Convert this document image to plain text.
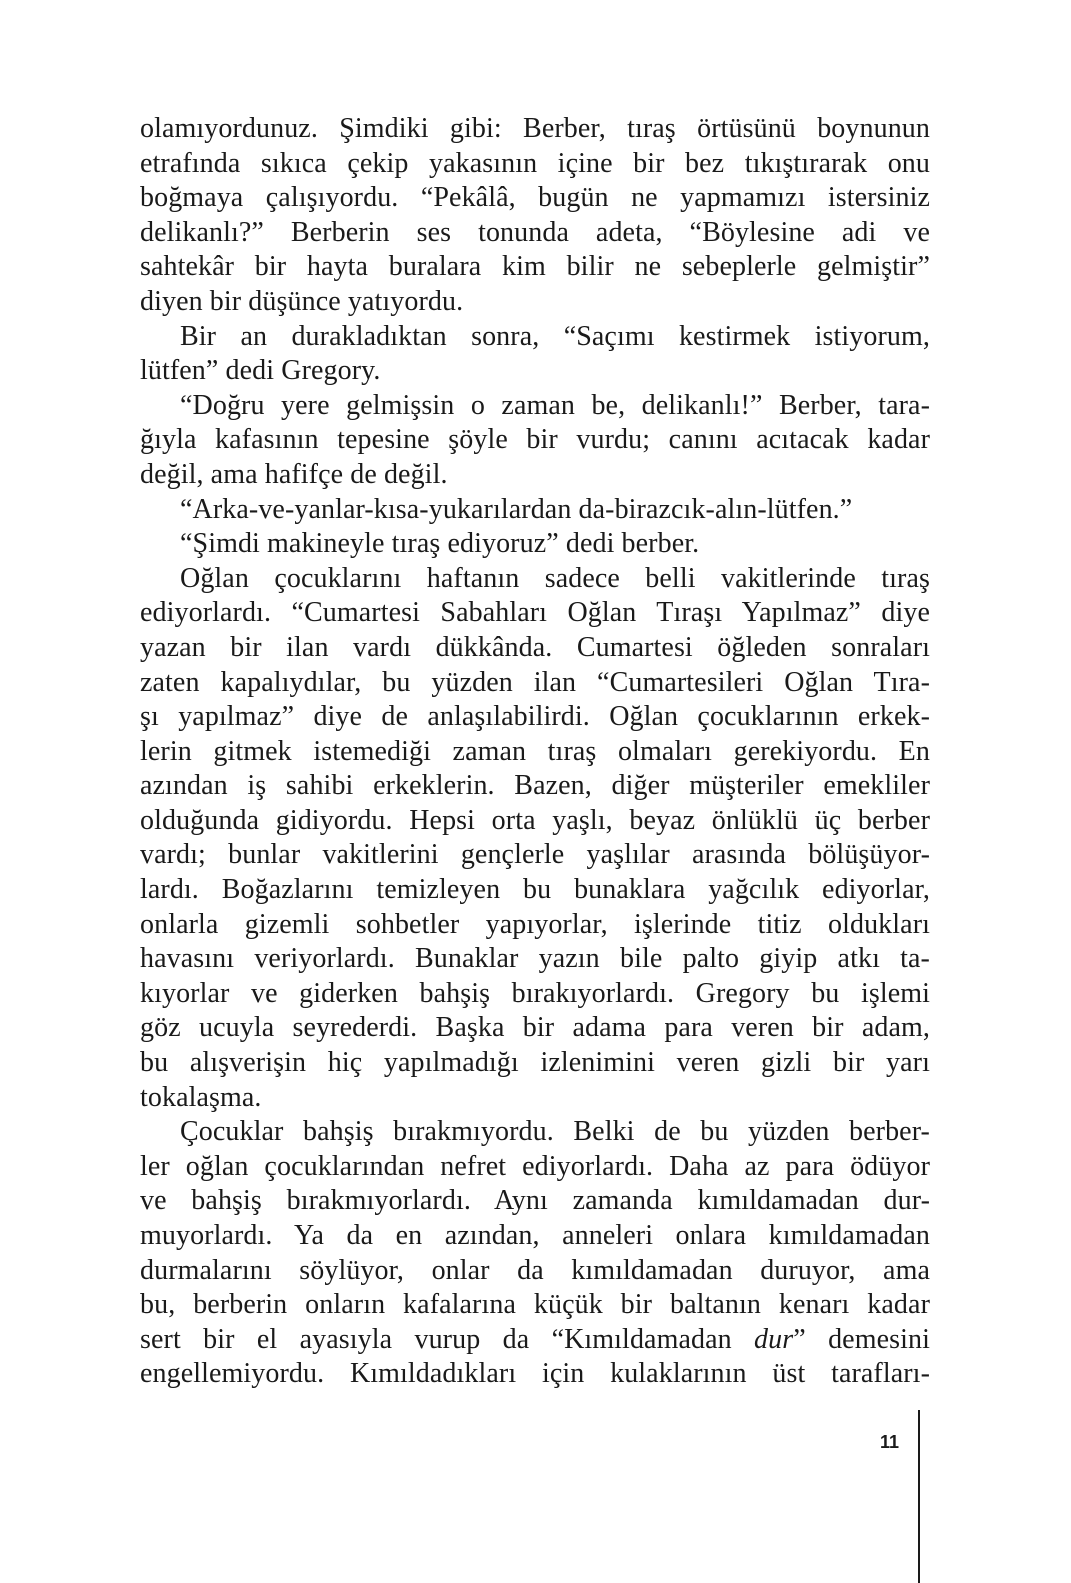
olamıyordunuz. Şimdiki gibi: Berber, tıraş örtüsünü boynunun
etrafında sıkıca çekip yakasının içine bir bez tıkıştırarak onu
boğmaya çalışıyordu. “Pekâlâ, bugün ne yapmamızı istersiniz
delikanlı?” Berberin ses tonunda adeta, “Böylesine adi ve
sahtekâr bir hayta buralara kim bilir ne sebeplerle gelmiştir”
diyen bir düşünce yatıyordu.
Bir an durakladıktan sonra, “Saçımı kestirmek istiyorum,
lütfen” dedi Gregory.
“Doğru yere gelmişsin o zaman be, delikanlı!” Berber, tara-
ğıyla kafasının tepesine şöyle bir vurdu; canını acıtacak kadar
değil, ama hafifçe de değil.
“Arka-ve-yanlar-kısa-yukarılardan da-birazcık-alın-lütfen.”
“Şimdi makineyle tıraş ediyoruz” dedi berber.
Oğlan çocuklarını haftanın sadece belli vakitlerinde tıraş
ediyorlardı. “Cumartesi Sabahları Oğlan Tıraşı Yapılmaz” diye
yazan bir ilan vardı dükkânda. Cumartesi öğleden sonraları
zaten kapalıydılar, bu yüzden ilan “Cumartesileri Oğlan Tıra-
şı yapılmaz” diye de anlaşılabilirdi. Oğlan çocuklarının erkek-
lerin gitmek istemediği zaman tıraş olmaları gerekiyordu. En
azından iş sahibi erkeklerin. Bazen, diğer müşteriler emekliler
olduğunda gidiyordu. Hepsi orta yaşlı, beyaz önlüklü üç berber
vardı; bunlar vakitlerini gençlerle yaşlılar arasında bölüşüyor-
lardı. Boğazlarını temizleyen bu bunaklara yağcılık ediyorlar,
onlarla gizemli sohbetler yapıyorlar, işlerinde titiz oldukları
havasını veriyorlardı. Bunaklar yazın bile palto giyip atkı ta-
kıyorlar ve giderken bahşiş bırakıyorlardı. Gregory bu işlemi
göz ucuyla seyrederdi. Başka bir adama para veren bir adam,
bu alışverişin hiç yapılmadığı izlenimini veren gizli bir yarı
tokalaşma.
Çocuklar bahşiş bırakmıyordu. Belki de bu yüzden berber-
ler oğlan çocuklarından nefret ediyorlardı. Daha az para ödüyor
ve bahşiş bırakmıyorlardı. Aynı zamanda kımıldamadan dur-
muyorlardı. Ya da en azından, anneleri onlara kımıldamadan
durmalarını söylüyor, onlar da kımıldamadan duruyor, ama
bu, berberin onların kafalarına küçük bir baltanın kenarı kadar
sert bir el ayasıyla vurup da “Kımıldamadan dur” demesini
engellemiyordu. Kımıldadıkları için kulaklarının üst tarafları-
11
